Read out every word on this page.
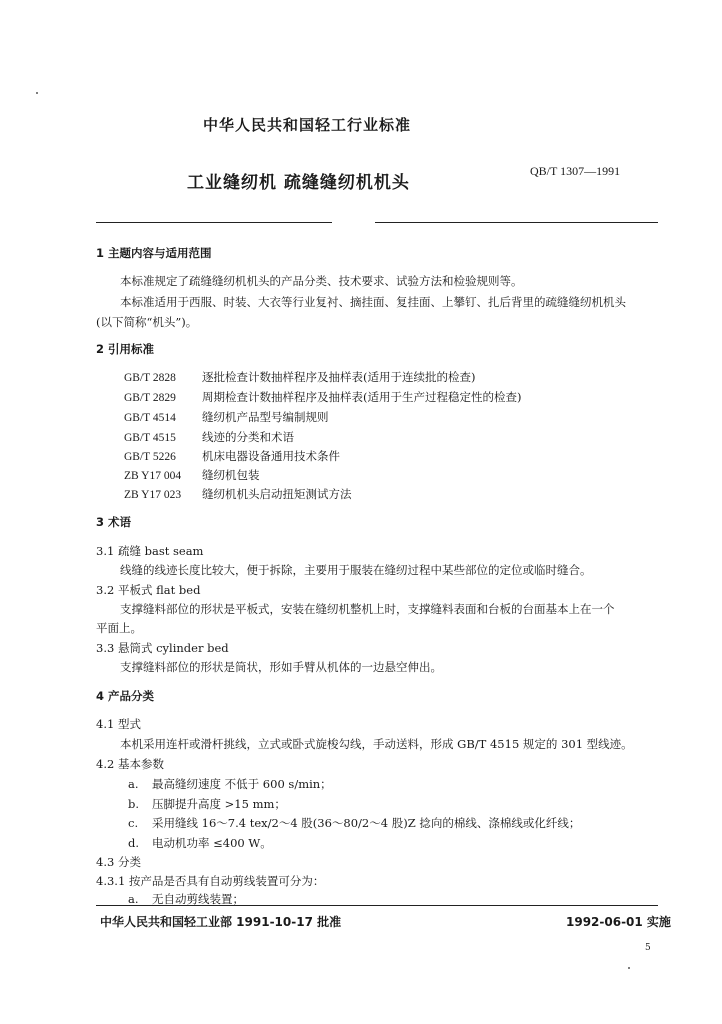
中华人民共和国轻工行业标准
工业缝纫机 疏缝缝纫机机头
QB/T 1307—1991
1 主题内容与适用范围
本标准规定了疏缝缝纫机机头的产品分类、技术要求、试验方法和检验规则等。
本标准适用于西服、时装、大衣等行业复衬、摘挂面、复挂面、上攀钉、扎后背里的疏缝缝纫机机头
(以下简称“机头”)。
2 引用标准
GB/T 2828 逐批检查计数抽样程序及抽样表(适用于连续批的检查)
GB/T 2829 周期检查计数抽样程序及抽样表(适用于生产过程稳定性的检查)
GB/T 4514 缝纫机产品型号编制规则
GB/T 4515 线迹的分类和术语
GB/T 5226 机床电器设备通用技术条件
ZB Y17 004 缝纫机包装
ZB Y17 023 缝纫机机头启动扭矩测试方法
3 术语
3.1 疏缝 bast seam
线缝的线迹长度比较大，便于拆除，主要用于服装在缝纫过程中某些部位的定位或临时缝合。
3.2 平板式 flat bed
支撑缝料部位的形状是平板式，安装在缝纫机整机上时，支撑缝料表面和台板的台面基本上在一个
平面上。
3.3 悬筒式 cylinder bed
支撑缝料部位的形状是筒状，形如手臂从机体的一边悬空伸出。
4 产品分类
4.1 型式
本机采用连杆或滑杆挑线，立式或卧式旋梭勾线，手动送料，形成 GB/T 4515 规定的 301 型线迹。
4.2 基本参数
a. 最高缝纫速度 不低于 600 s/min；
b. 压脚提升高度 >15 mm；
c. 采用缝线 16～7.4 tex/2～4 股(36～80/2～4 股)Z 捻向的棉线、涤棉线或化纤线；
d. 电动机功率 ≤400 W。
4.3 分类
4.3.1 按产品是否具有自动剪线装置可分为：
a. 无自动剪线装置；
中华人民共和国轻工业部 1991-10-17 批准	1992-06-01 实施
5
